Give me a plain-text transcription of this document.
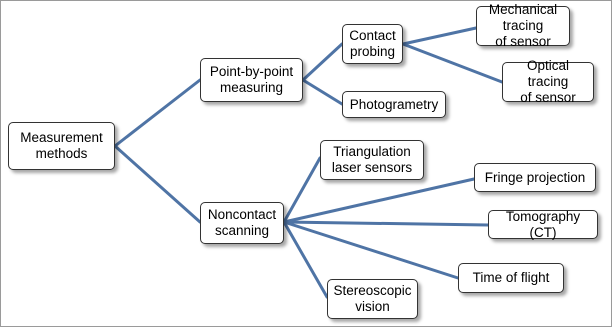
Measurement
methods
Point-by-point
measuring
Contact
probing
Mechanical tracing
of sensor
Optical tracing
of sensor
Photogrametry
Noncontact
scanning
Triangulation
laser sensors
Fringe projection
Tomography (CT)
Time of flight
Stereoscopic
vision
